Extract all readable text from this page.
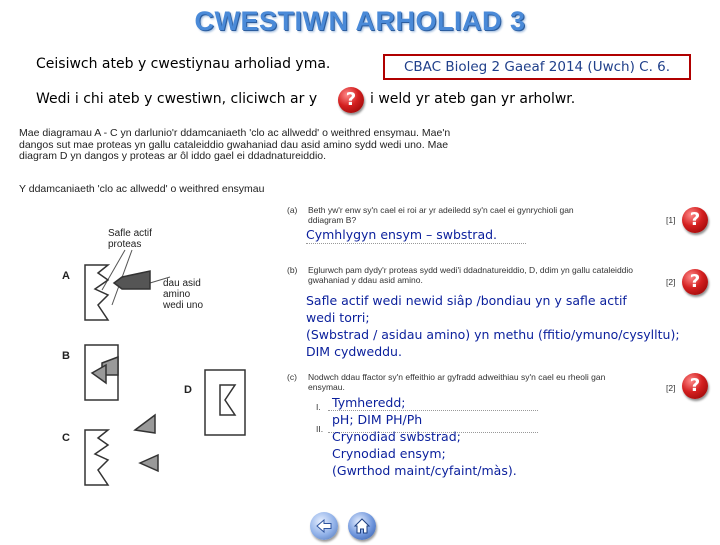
CWESTIWN ARHOLIAD 3
Ceisiwch ateb y cwestiynau arholiad yma.	CBAC Bioleg 2 Gaeaf 2014 (Uwch) C. 6.
Wedi i chi ateb y cwestiwn, cliciwch ar y	? i weld yr ateb gan yr arholwr.
Mae diagramau A - C yn darlunio'r ddamcaniaeth 'clo ac allwedd' o weithred ensymau. Mae'n
dangos sut mae proteas yn gallu cataleiddio gwahaniad dau asid amino sydd wedi uno. Mae
diagram D yn dangos y proteas ar ôl iddo gael ei ddadnatureiddio.
Y ddamcaniaeth 'clo ac allwedd' o weithred ensymau
Safle actif
proteas
dau asid
amino
wedi uno
A
B
C
D
(a) Beth yw'r enw sy'n cael ei roi ar yr adeiledd sy'n cael ei gynrychioli gan
ddiagram B?	[1] ?
Cymhlygyn ensym – swbstrad.
(b) Eglurwch pam dydy'r proteas sydd wedi'i ddadnatureiddio, D, ddim yn gallu cataleiddio
gwahaniad y ddau asid amino.	[2] ?
Safle actif wedi newid siâp /bondiau yn y safle actif
wedi torri;
(Swbstrad / asidau amino) yn methu (ffitio/ymuno/cysylltu);
DIM cydweddu.
(c) Nodwch ddau ffactor sy'n effeithio ar gyfradd adweithiau sy'n cael eu rheoli gan
ensymau.	[2] ?
I.
II.
Tymheredd;
pH; DIM PH/Ph
Crynodiad swbstrad;
Crynodiad ensym;
(Gwrthod maint/cyfaint/màs).
